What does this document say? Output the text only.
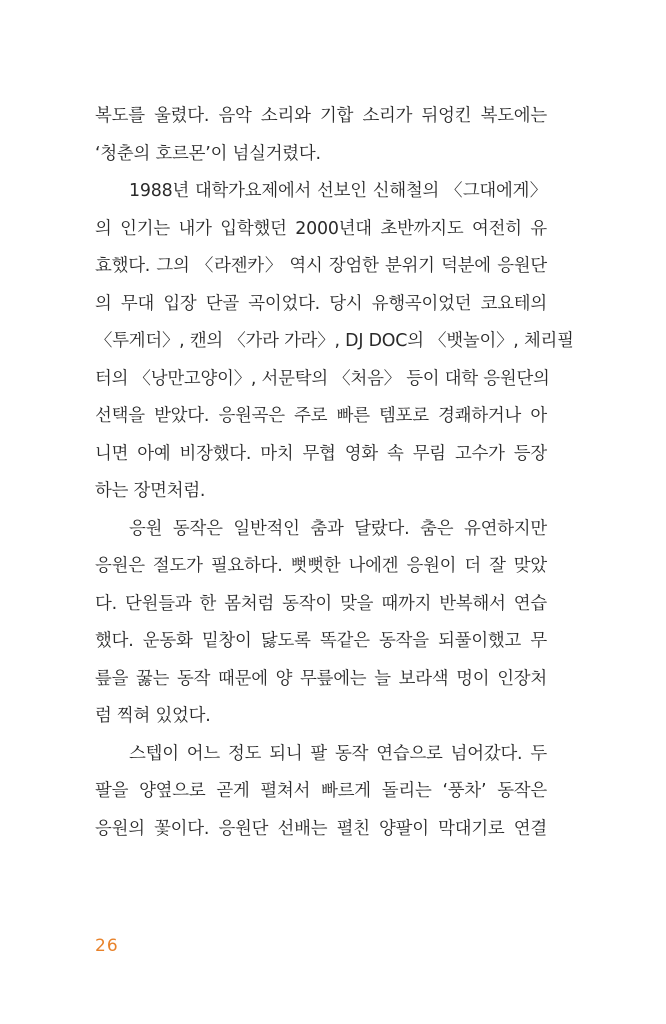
복도를 울렸다. 음악 소리와 기합 소리가 뒤엉킨 복도에는
‘청춘의 호르몬’이 넘실거렸다.
1988년 대학가요제에서 선보인 신해철의 〈그대에게〉
의 인기는 내가 입학했던 2000년대 초반까지도 여전히 유
효했다. 그의 〈라젠카〉 역시 장엄한 분위기 덕분에 응원단
의 무대 입장 단골 곡이었다. 당시 유행곡이었던 코요테의
〈투게더〉, 캔의 〈가라 가라〉, DJ DOC의 〈뱃놀이〉, 체리필
터의 〈낭만고양이〉, 서문탁의 〈처음〉 등이 대학 응원단의
선택을 받았다. 응원곡은 주로 빠른 템포로 경쾌하거나 아
니면 아예 비장했다. 마치 무협 영화 속 무림 고수가 등장
하는 장면처럼.
응원 동작은 일반적인 춤과 달랐다. 춤은 유연하지만
응원은 절도가 필요하다. 뻣뻣한 나에겐 응원이 더 잘 맞았
다. 단원들과 한 몸처럼 동작이 맞을 때까지 반복해서 연습
했다. 운동화 밑창이 닳도록 똑같은 동작을 되풀이했고 무
릎을 꿇는 동작 때문에 양 무릎에는 늘 보라색 멍이 인장처
럼 찍혀 있었다.
스텝이 어느 정도 되니 팔 동작 연습으로 넘어갔다. 두
팔을 양옆으로 곧게 펼쳐서 빠르게 돌리는 ‘풍차’ 동작은
응원의 꽃이다. 응원단 선배는 펼친 양팔이 막대기로 연결
26
